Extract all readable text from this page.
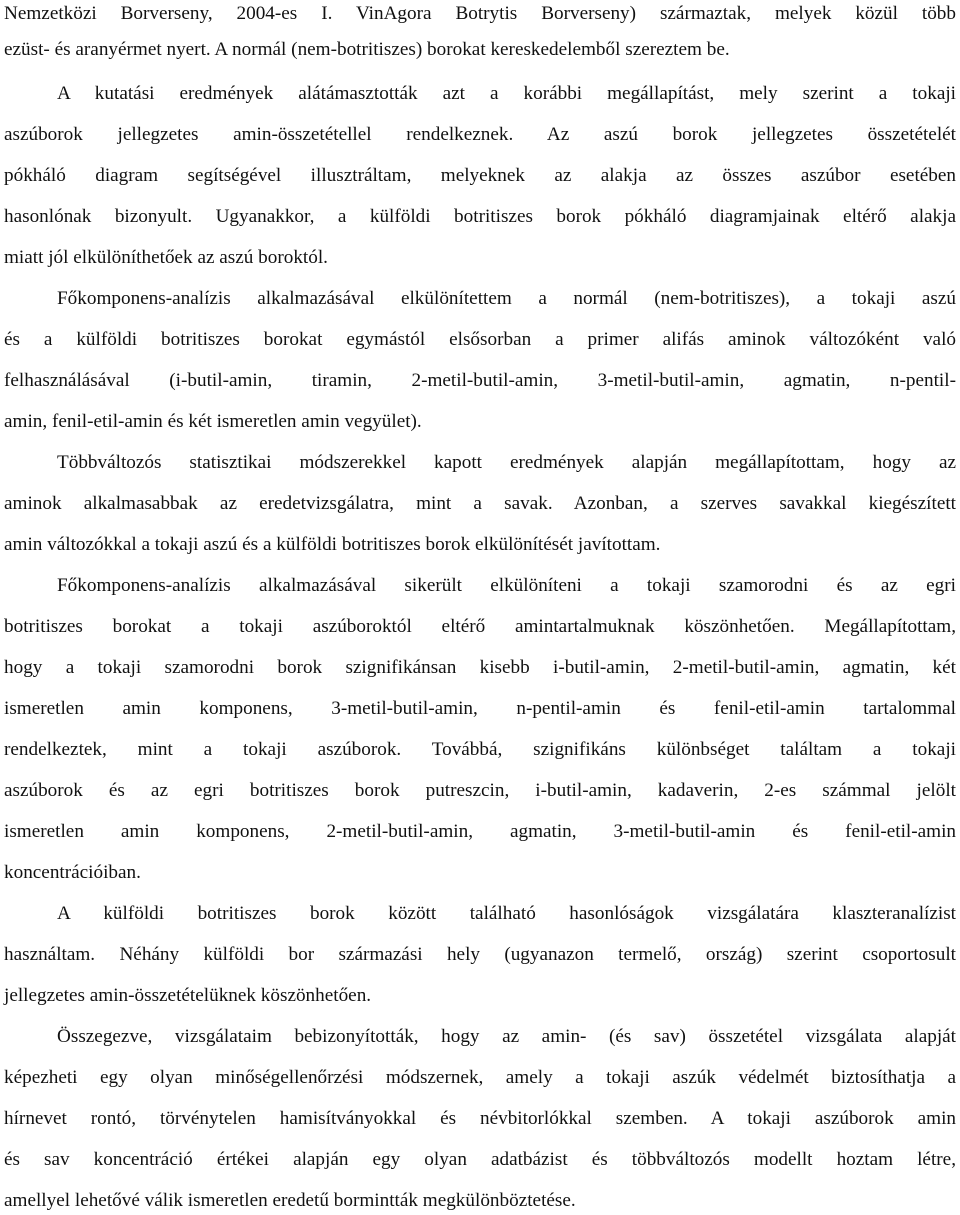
Nemzetközi Borverseny, 2004-es I. VinAgora Botrytis Borverseny) származtak, melyek közül több
ezüst- és aranyérmet nyert. A normál (nem-botritiszes) borokat kereskedelemből szereztem be.
A kutatási eredmények alátámasztották azt a korábbi megállapítást, mely szerint a tokaji
aszúborok jellegzetes amin-összetétellel rendelkeznek. Az aszú borok jellegzetes összetételét
pókháló diagram segítségével illusztráltam, melyeknek az alakja az összes aszúbor esetében
hasonlónak bizonyult. Ugyanakkor, a külföldi botritiszes borok pókháló diagramjainak eltérő alakja
miatt jól elkülöníthetőek az aszú boroktól.
Főkomponens-analízis alkalmazásával elkülönítettem a normál (nem-botritiszes), a tokaji aszú
és a külföldi botritiszes borokat egymástól elsősorban a primer alifás aminok változóként való
felhasználásával (i-butil-amin, tiramin, 2-metil-butil-amin, 3-metil-butil-amin, agmatin, n-pentil-
amin, fenil-etil-amin és két ismeretlen amin vegyület).
Többváltozós statisztikai módszerekkel kapott eredmények alapján megállapítottam, hogy az
aminok alkalmasabbak az eredetvizsgálatra, mint a savak. Azonban, a szerves savakkal kiegészített
amin változókkal a tokaji aszú és a külföldi botritiszes borok elkülönítését javítottam.
Főkomponens-analízis alkalmazásával sikerült elkülöníteni a tokaji szamorodni és az egri
botritiszes borokat a tokaji aszúboroktól eltérő amintartalmuknak köszönhetően. Megállapítottam,
hogy a tokaji szamorodni borok szignifikánsan kisebb i-butil-amin, 2-metil-butil-amin, agmatin, két
ismeretlen amin komponens, 3-metil-butil-amin, n-pentil-amin és fenil-etil-amin tartalommal
rendelkeztek, mint a tokaji aszúborok. Továbbá, szignifikáns különbséget találtam a tokaji
aszúborok és az egri botritiszes borok putreszcin, i-butil-amin, kadaverin, 2-es számmal jelölt
ismeretlen amin komponens, 2-metil-butil-amin, agmatin, 3-metil-butil-amin és fenil-etil-amin
koncentrációiban.
A külföldi botritiszes borok között található hasonlóságok vizsgálatára klaszteranalízist
használtam. Néhány külföldi bor származási hely (ugyanazon termelő, ország) szerint csoportosult
jellegzetes amin-összetételüknek köszönhetően.
Összegezve, vizsgálataim bebizonyították, hogy az amin- (és sav) összetétel vizsgálata alapját
képezheti egy olyan minőségellenőrzési módszernek, amely a tokaji aszúk védelmét biztosíthatja a
hírnevet rontó, törvénytelen hamisítványokkal és névbitorlókkal szemben. A tokaji aszúborok amin
és sav koncentráció értékei alapján egy olyan adatbázist és többváltozós modellt hoztam létre,
amellyel lehetővé válik ismeretlen eredetű bormintták megkülönböztetése.
